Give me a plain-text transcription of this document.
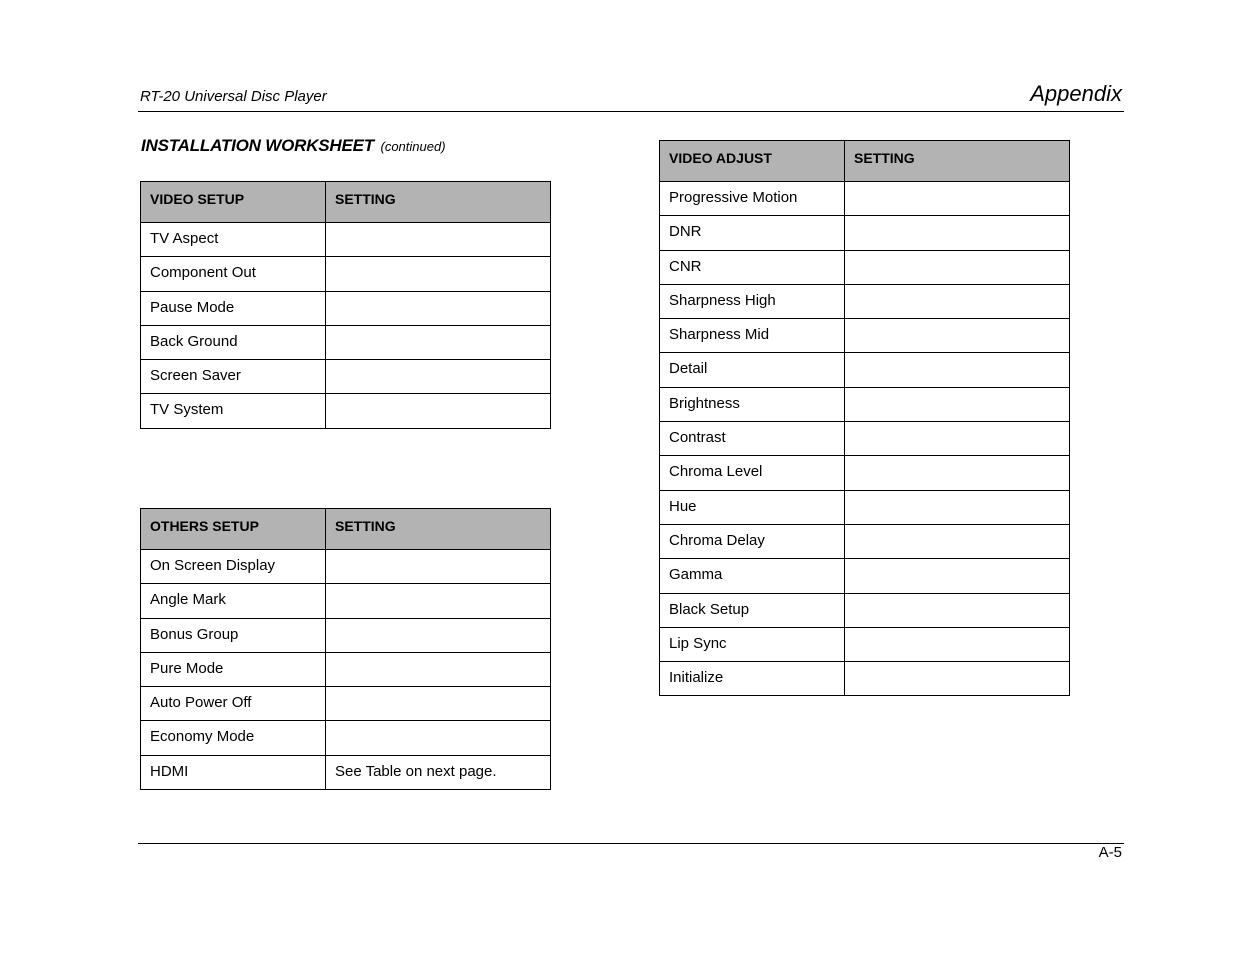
RT-20 Universal Disc Player	Appendix
INSTALLATION WORKSHEET (continued)
VIDEO SETUP	SETTING
TV Aspect	
Component Out	
Pause Mode	
Back Ground	
Screen Saver	
TV System	
OTHERS SETUP	SETTING
On Screen Display	
Angle Mark	
Bonus Group	
Pure Mode	
Auto Power Off	
Economy Mode	
HDMI	See Table on next page.
VIDEO ADJUST	SETTING
Progressive Motion	
DNR	
CNR	
Sharpness High	
Sharpness Mid	
Detail	
Brightness	
Contrast	
Chroma Level	
Hue	
Chroma Delay	
Gamma	
Black Setup	
Lip Sync	
Initialize	
A-5
